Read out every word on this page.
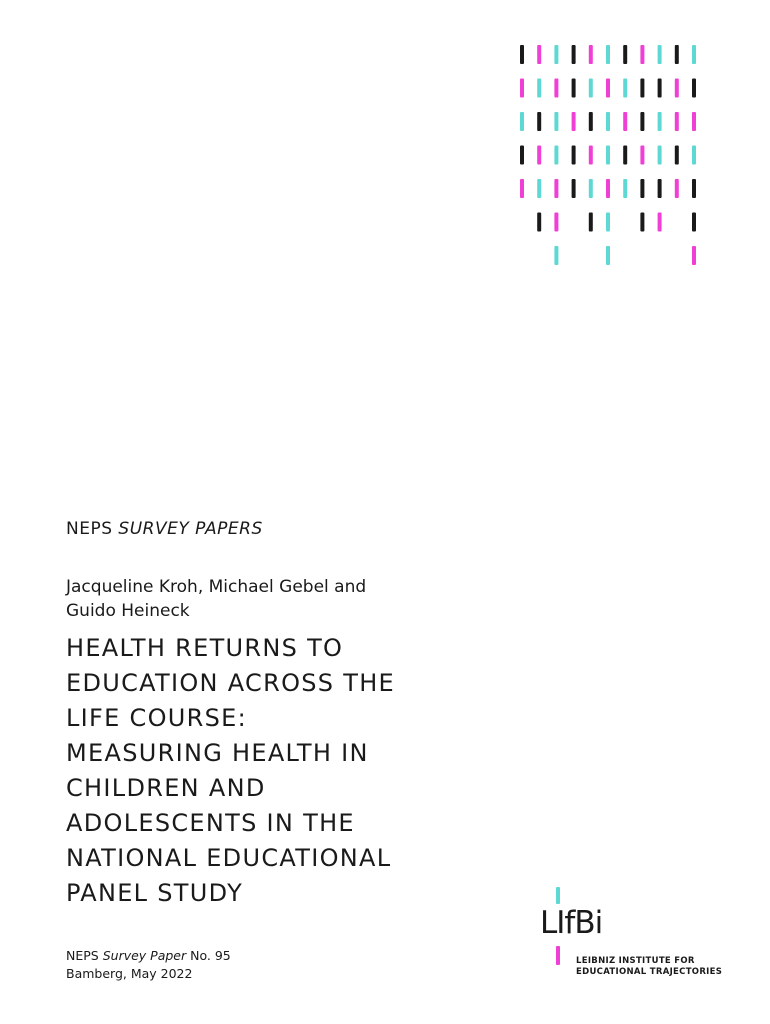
NEPS SURVEY PAPERS
Jacqueline Kroh, Michael Gebel and
Guido Heineck
HEALTH RETURNS TO
EDUCATION ACROSS THE
LIFE COURSE:
MEASURING HEALTH IN
CHILDREN AND
ADOLESCENTS IN THE
NATIONAL EDUCATIONAL
PANEL STUDY
NEPS Survey Paper No. 95
Bamberg, May 2022
LIfBi
LEIBNIZ INSTITUTE FOR
EDUCATIONAL TRAJECTORIES
